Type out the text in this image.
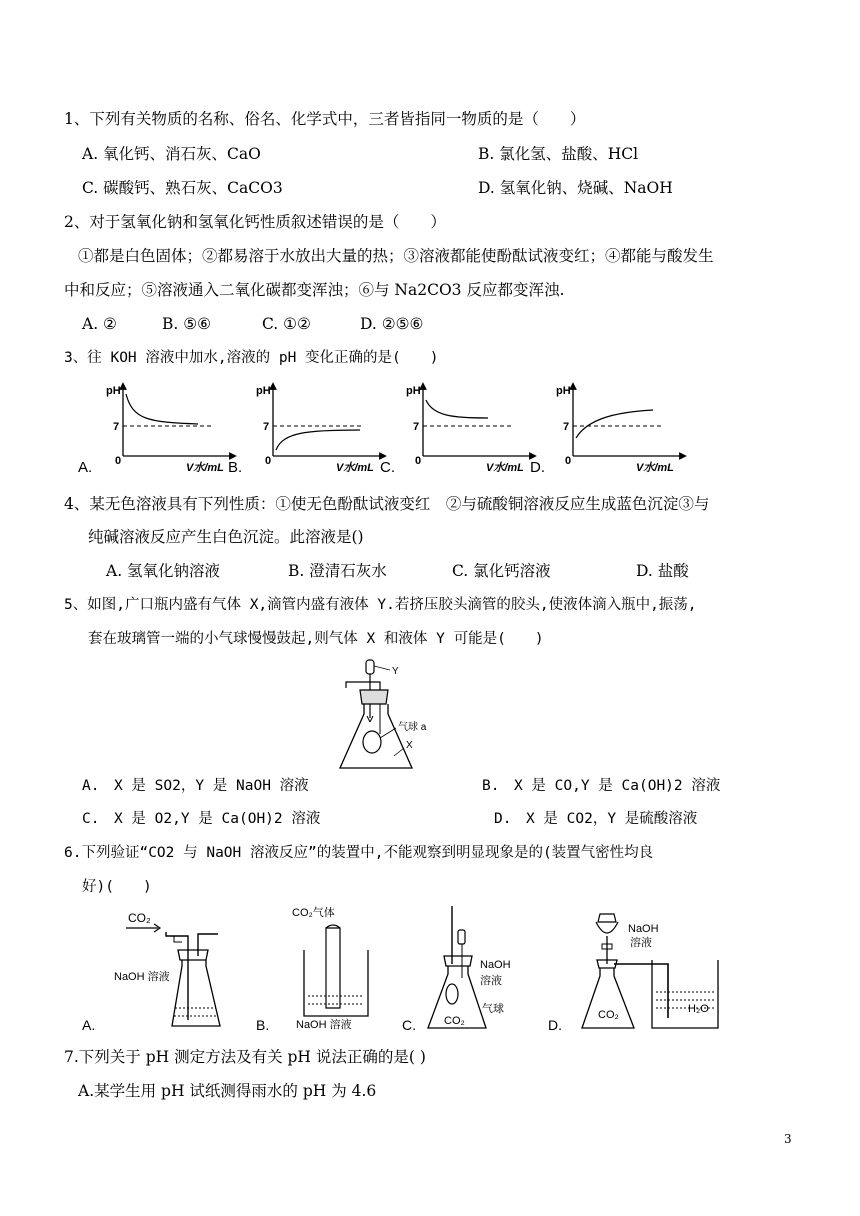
1、下列有关物质的名称、俗名、化学式中，三者皆指同一物质的是（　　）
A. 氧化钙、消石灰、CaO	B. 氯化氢、盐酸、HCl
C. 碳酸钙、熟石灰、CaCO3	D. 氢氧化钠、烧碱、NaOH
2、对于氢氧化钠和氢氧化钙性质叙述错误的是（　　）
①都是白色固体；②都易溶于水放出大量的热；③溶液都能使酚酞试液变红；④都能与酸发生
中和反应；⑤溶液通入二氧化碳都变浑浊；⑥与 Na2CO3 反应都变浑浊.
A. ②	B. ⑤⑥	C. ①②	D. ②⑤⑥
3、往 KOH 溶液中加水,溶液的 pH 变化正确的是(　　)
pH
7
0
V水/mL
A.
pH
7
0
V水/mL
B.
pH
7
0
V水/mL
C.
pH
7
0
V水/mL
D.
4、某无色溶液具有下列性质：①使无色酚酞试液变红　②与硫酸铜溶液反应生成蓝色沉淀③与
纯碱溶液反应产生白色沉淀。此溶液是()
A. 氢氧化钠溶液	B. 澄清石灰水	C. 氯化钙溶液	D. 盐酸
5、如图,广口瓶内盛有气体 X,滴管内盛有液体 Y.若挤压胶头滴管的胶头,使液体滴入瓶中,振荡,
套在玻璃管一端的小气球慢慢鼓起,则气体 X 和液体 Y 可能是(　　)
Y
气球 a
X
A.　X 是 SO2，Y 是 NaOH 溶液	B.　X 是 CO,Y 是 Ca(OH)2 溶液
C.　X 是 O2,Y 是 Ca(OH)2 溶液	D.　X 是 CO2，Y 是硫酸溶液
6.下列验证“CO2 与 NaOH 溶液反应”的装置中,不能观察到明显现象是的(装置气密性均良
好)(　　)
CO₂
NaOH 溶液
A.
CO₂气体
NaOH 溶液
B.
NaOH
溶液
气球
CO₂
C.
NaOH
溶液
CO₂	H₂O
D.
7.下列关于 pH 测定方法及有关 pH 说法正确的是( )
A.某学生用 pH 试纸测得雨水的 pH 为 4.6
3
